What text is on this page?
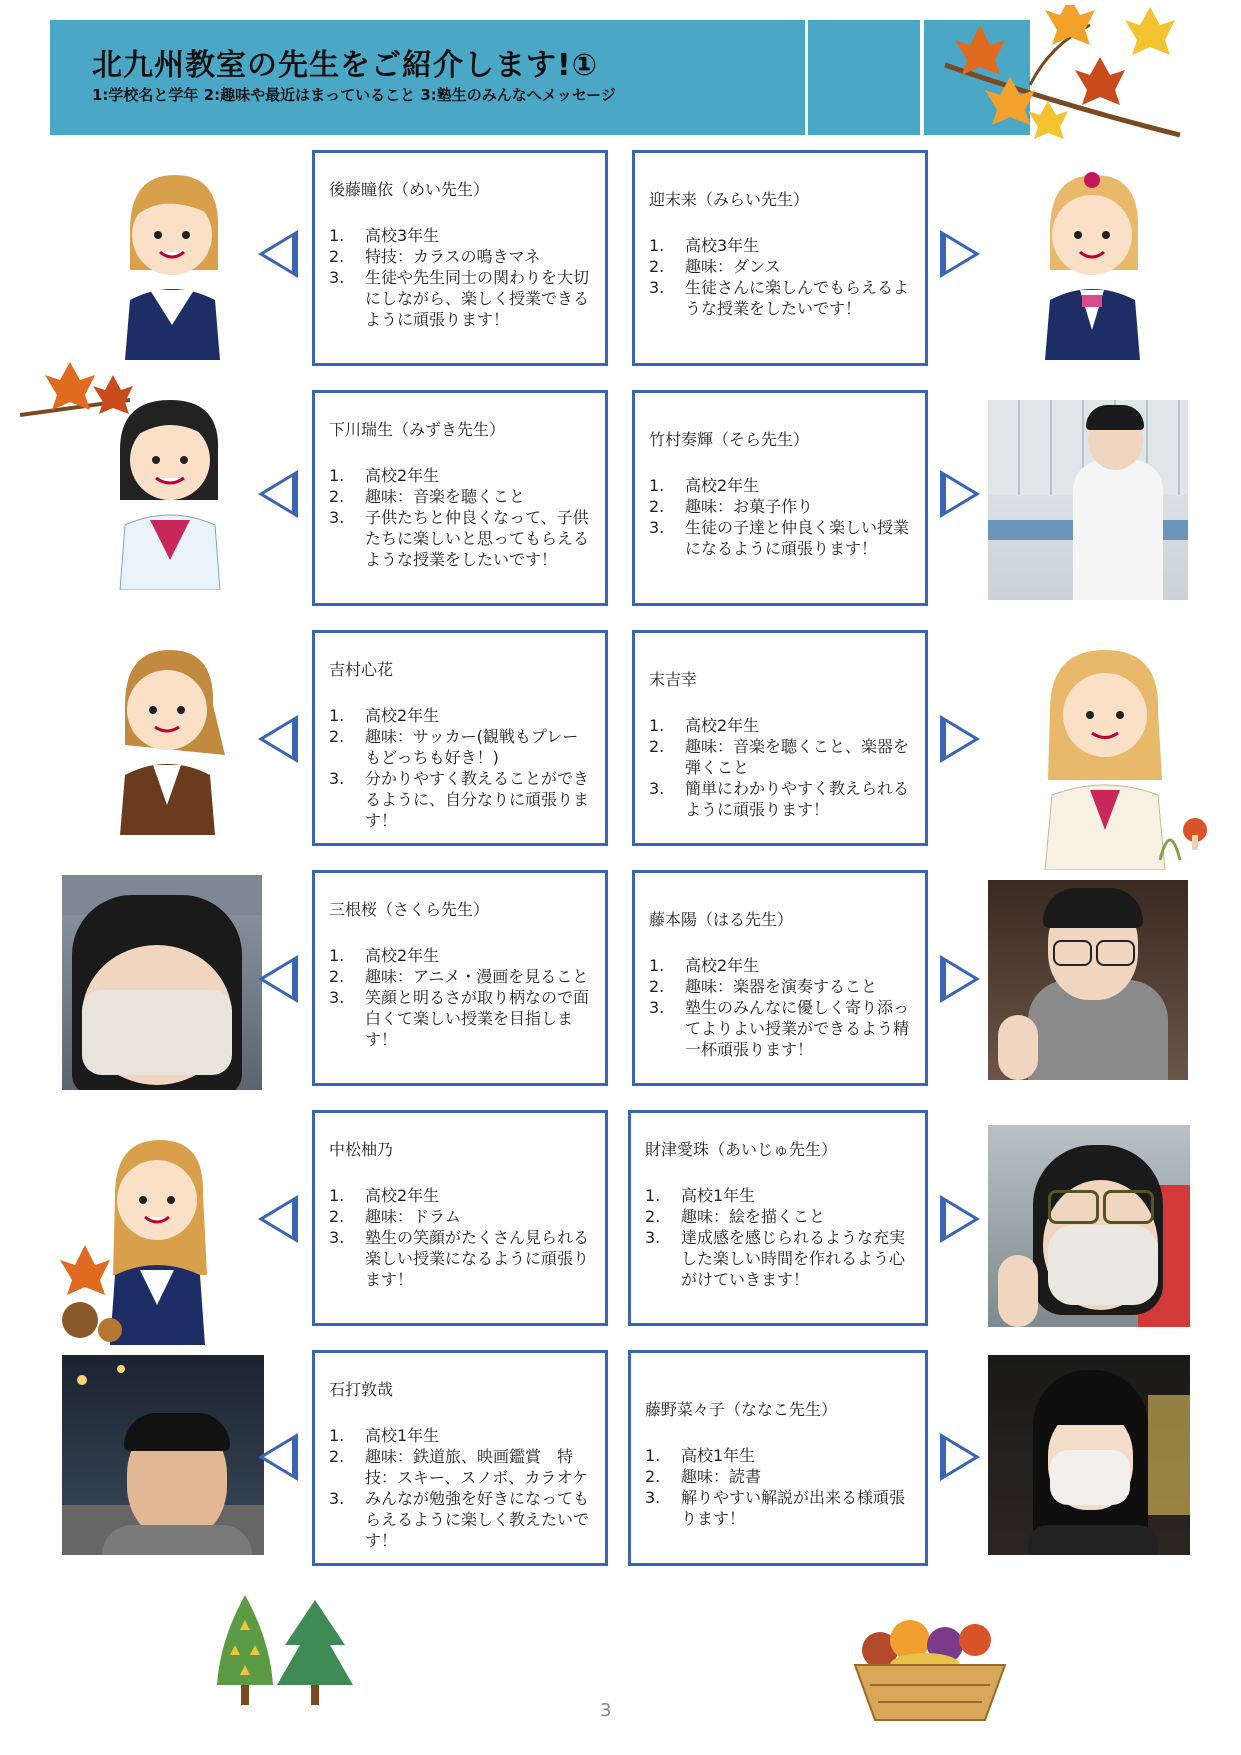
北九州教室の先生をご紹介します!①
1:学校名と学年 2:趣味や最近はまっていること 3:塾生のみんなへメッセージ
後藤瞳依（めい先生）
1.	高校3年生
2.	特技：カラスの鳴きマネ
3.	生徒や先生同士の関わりを大切にしながら、楽しく授業できるように頑張ります！
迎末来（みらい先生）
1.	高校3年生
2.	趣味：ダンス
3.	生徒さんに楽しんでもらえるような授業をしたいです！
下川瑞生（みずき先生）
1.	高校2年生
2.	趣味：音楽を聴くこと
3.	子供たちと仲良くなって、子供たちに楽しいと思ってもらえるような授業をしたいです！
竹村奏輝（そら先生）
1.	高校2年生
2.	趣味：お菓子作り
3.	生徒の子達と仲良く楽しい授業になるように頑張ります！
吉村心花
1.	高校2年生
2.	趣味：サッカー(観戦もプレーもどっちも好き！)
3.	分かりやすく教えることができるように、自分なりに頑張ります！
末吉幸
1.	高校2年生
2.	趣味：音楽を聴くこと、楽器を弾くこと
3.	簡単にわかりやすく教えられるように頑張ります！
三根桜（さくら先生）
1.	高校2年生
2.	趣味：アニメ・漫画を見ること
3.	笑顔と明るさが取り柄なので面白くて楽しい授業を目指します！
藤本陽（はる先生）
1.	高校2年生
2.	趣味：楽器を演奏すること
3.	塾生のみんなに優しく寄り添ってよりよい授業ができるよう精一杯頑張ります！
中松柚乃
1.	高校2年生
2.	趣味：ドラム
3.	塾生の笑顔がたくさん見られる楽しい授業になるように頑張ります！
財津愛珠（あいじゅ先生）
1.	高校1年生
2.	趣味：絵を描くこと
3.	達成感を感じられるような充実した楽しい時間を作れるよう心がけていきます！
石打敦哉
1.	高校1年生
2.	趣味：鉄道旅、映画鑑賞　特技：スキー、スノボ、カラオケ
3.	みんなが勉強を好きになってもらえるように楽しく教えたいです！
藤野菜々子（ななこ先生）
1.	高校1年生
2.	趣味：読書
3.	解りやすい解説が出来る様頑張ります！
3
